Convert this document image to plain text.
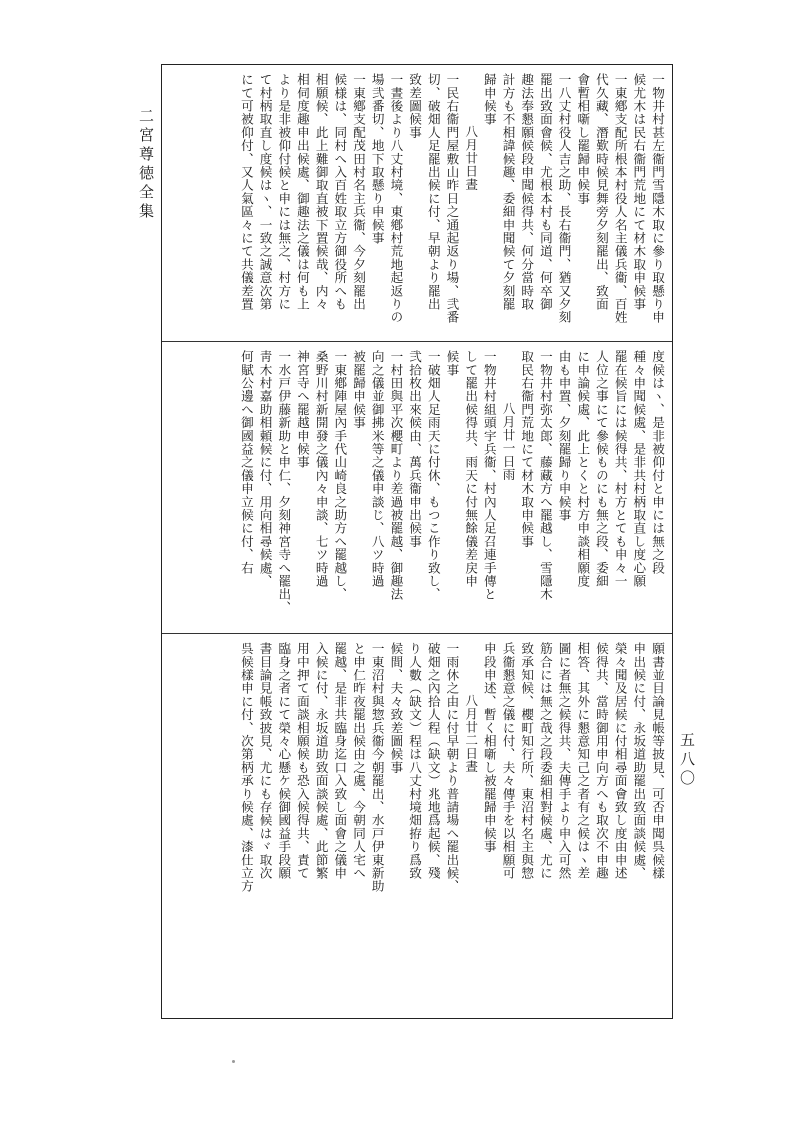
二宮尊徳全集
五八〇
一物井村甚左衞門雪隱木取に參り取懸り申
候尤木は民右衞門荒地にて材木取申候事
一東鄕支配所根本村役人名主儀兵衞、百姓
代久藏、潛歎時候見舞旁夕刻罷出、致面
會暫相噺し罷歸申候事
一八丈村役人吉之助、長右衞門、猶又夕刻
罷出致面會候、尤根本村も同道、何卒御
趣法奉懇願候段申聞候得共、何分當時取
計方も不相諱候趣、委細申聞候て夕刻罷
歸申候事
八月廿日晝
一民右衞門屋敷山昨日之通起返り場、弐番
切、破畑人足罷出候に付、早朝より罷出
致差圖候事
一晝後より八丈村境、東鄕村荒地起返りの
場弐番切、地下取懸り申候事
一東鄕支配茂田村名主兵衞、今夕刻罷出
候様は、同村へ入百姓取立方御役所へも
相願候、此上難御取直被下置候哉、内々
相伺度趣申出候處、御趣法之儀は何も上
より是非被仰付候と申には無之、村方に
て村柄取直し度候はヽ、一致之誠意次第
にて可被仰付、又人氣區々にて共儀差置
度候はヽ、是非被仰付と申には無之段
種々申聞候處、是非共村柄取直し度心願
罷在候旨には候得共、村方とても申々一
人位之事にて參候ものにも無之段、委細
に申論候處、此上とくと村方申談相願度
由も申置、夕刻罷歸り申候事
一物井村弥太郎、藤藏方へ罷越し、雪隱木
取民右衞門荒地にて材木取申候事
八月廿一日雨
一物井村組頭宇兵衞、村內人足召連手傳と
して罷出候得共、雨天に付無餘儀差戻申
候事
一破畑人足雨天に付休、もつこ作り致し、
弐拾枚出來候由、萬兵衞申出候事
一村田與平次櫻町より差過被罷越、御趣法
向之儀並御拂米等之儀申談じ、八ツ時過
被罷歸申候事
一東鄕陣屋內手代山崎良之助方へ罷越し、
桑野川村新開發之儀內々申談、七ツ時過
神宮寺へ罷越申候事
一水戸伊藤新助と申仁、夕刻神宮寺へ罷出、
靑木村嘉助相頼候に付、用向相尋候處、
何賦公邊へ御國益之儀申立候に付、右
願書並目論見帳等披見、可否申聞呉候樣
申出候に付、永坂道助罷出致面談候處、
榮々聞及居候に付相尋面會致し度由申述
候得共、當時御用申向方へも取次不申趣
相答、其外に懇意知己之者有之候はヽ差
圖に者無之候得共、夫傳手より申入可然
筋合には無之哉之段委細相對候處、尤に
致承知候、櫻町知行所、東沼村名主與惣
兵衞懇意之儀に付、夫々傳手を以相願可
申段申述、暫く相噺し被罷歸申候事
八月廿二日晝
一雨休之由に付早朝より普請場へ罷出候、
破畑之內拾人程（缺文）兆地爲起候、殘
り人數（缺文）程は八丈村境畑拵り爲致
候間、夫々致差圖候事
一東沼村與惣兵衞今朝罷出、水戸伊東新助
と申仁昨夜罷出候由之處、今朝同人宅へ
罷越、是非共臨身迄口入致し面會之儀申
入候に付、永坂道助致面談候處、此節繁
用中押て面談相願候も恐入候得共、責て
臨身之者にて榮々心懸ケ候御國益手段願
書目論見帳致披見、尤にも存候はヾ取次
呉候樣申に付、次第柄承り候處、漆仕立方
